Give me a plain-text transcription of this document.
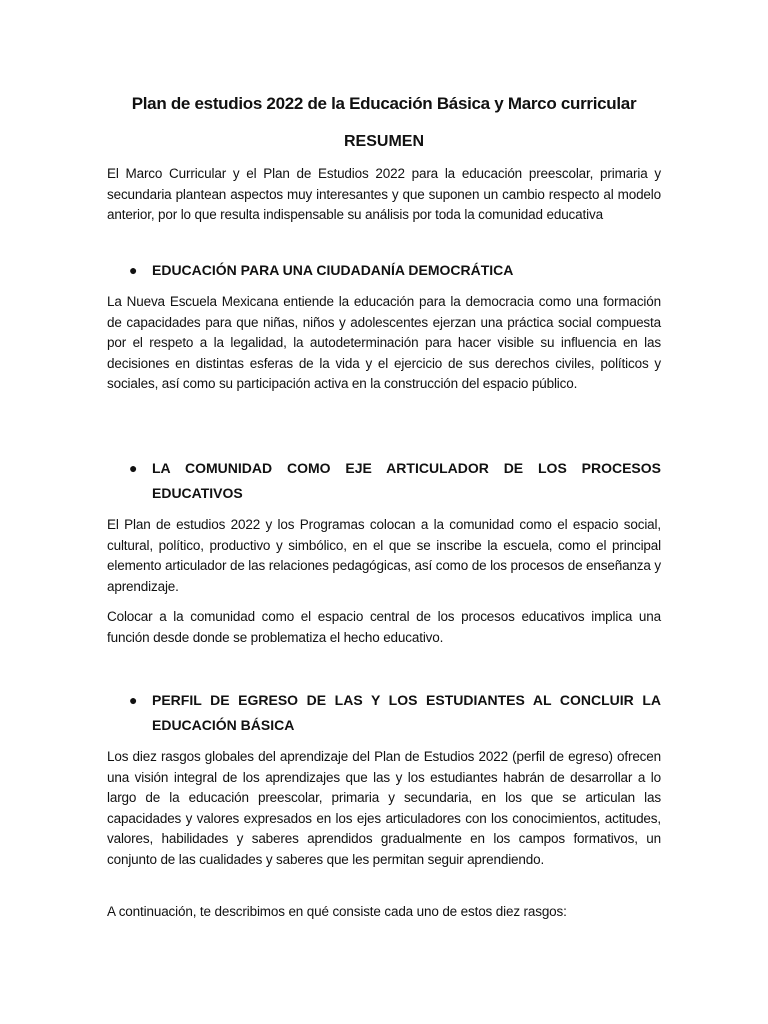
Plan de estudios 2022 de la Educación Básica y Marco curricular
RESUMEN

El Marco Curricular y el Plan de Estudios 2022 para la educación preescolar, primaria y secundaria plantean aspectos muy interesantes y que suponen un cambio respecto al modelo anterior, por lo que resulta indispensable su análisis por toda la comunidad educativa

● EDUCACIÓN PARA UNA CIUDADANÍA DEMOCRÁTICA

La Nueva Escuela Mexicana entiende la educación para la democracia como una formación de capacidades para que niñas, niños y adolescentes ejerzan una práctica social compuesta por el respeto a la legalidad, la autodeterminación para hacer visible su influencia en las decisiones en distintas esferas de la vida y el ejercicio de sus derechos civiles, políticos y sociales, así como su participación activa en la construcción del espacio público.

● LA COMUNIDAD COMO EJE ARTICULADOR DE LOS PROCESOS EDUCATIVOS

El Plan de estudios 2022 y los Programas colocan a la comunidad como el espacio social, cultural, político, productivo y simbólico, en el que se inscribe la escuela, como el principal elemento articulador de las relaciones pedagógicas, así como de los procesos de enseñanza y aprendizaje.

Colocar a la comunidad como el espacio central de los procesos educativos implica una función desde donde se problematiza el hecho educativo.

● PERFIL DE EGRESO DE LAS Y LOS ESTUDIANTES AL CONCLUIR LA EDUCACIÓN BÁSICA

Los diez rasgos globales del aprendizaje del Plan de Estudios 2022 (perfil de egreso) ofrecen una visión integral de los aprendizajes que las y los estudiantes habrán de desarrollar a lo largo de la educación preescolar, primaria y secundaria, en los que se articulan las capacidades y valores expresados en los ejes articuladores con los conocimientos, actitudes, valores, habilidades y saberes aprendidos gradualmente en los campos formativos, un conjunto de las cualidades y saberes que les permitan seguir aprendiendo.

A continuación, te describimos en qué consiste cada uno de estos diez rasgos:
